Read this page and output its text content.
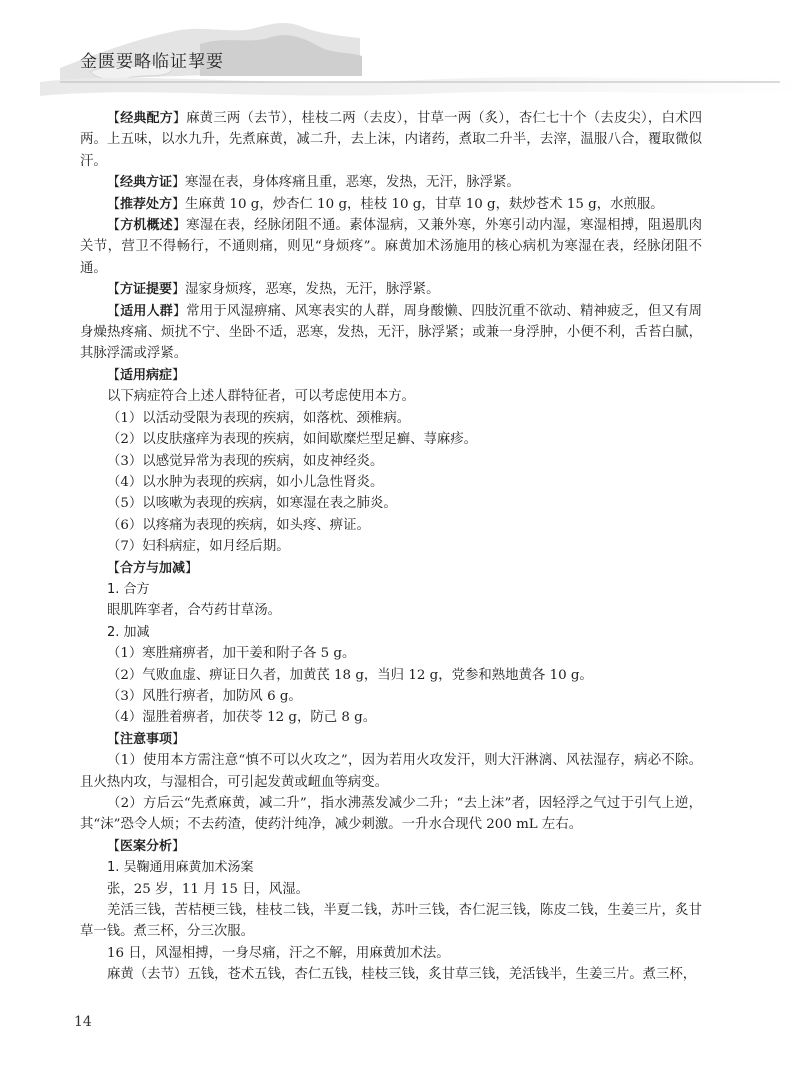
金匮要略临证挈要

【经典配方】麻黄三两（去节），桂枝二两（去皮），甘草一两（炙），杏仁七十个（去皮尖），白术四两。上五味，以水九升，先煮麻黄，减二升，去上沫，内诸药，煮取二升半，去滓，温服八合，覆取微似汗。

【经典方证】寒湿在表，身体疼痛且重，恶寒，发热，无汗，脉浮紧。

【推荐处方】生麻黄 10 g，炒杏仁 10 g，桂枝 10 g，甘草 10 g，麸炒苍术 15 g，水煎服。

【方机概述】寒湿在表，经脉闭阻不通。素体湿病，又兼外寒，外寒引动内湿，寒湿相搏，阻遏肌肉关节，营卫不得畅行，不通则痛，则见“身烦疼”。麻黄加术汤施用的核心病机为寒湿在表，经脉闭阻不通。

【方证提要】湿家身烦疼，恶寒，发热，无汗，脉浮紧。

【适用人群】常用于风湿痹痛、风寒表实的人群，周身酸懒、四肢沉重不欲动、精神疲乏，但又有周身燥热疼痛、烦扰不宁、坐卧不适，恶寒，发热，无汗，脉浮紧；或兼一身浮肿，小便不利，舌苔白腻，其脉浮濡或浮紧。

【适用病症】

以下病症符合上述人群特征者，可以考虑使用本方。

（1）以活动受限为表现的疾病，如落枕、颈椎病。

（2）以皮肤瘙痒为表现的疾病，如间歇糜烂型足癣、荨麻疹。

（3）以感觉异常为表现的疾病，如皮神经炎。

（4）以水肿为表现的疾病，如小儿急性肾炎。

（5）以咳嗽为表现的疾病，如寒湿在表之肺炎。

（6）以疼痛为表现的疾病，如头疼、痹证。

（7）妇科病症，如月经后期。

【合方与加减】

1. 合方

眼肌阵挛者，合芍药甘草汤。

2. 加减

（1）寒胜痛痹者，加干姜和附子各 5 g。

（2）气败血虚、痹证日久者，加黄芪 18 g，当归 12 g，党参和熟地黄各 10 g。

（3）风胜行痹者，加防风 6 g。

（4）湿胜着痹者，加茯苓 12 g，防己 8 g。

【注意事项】

（1）使用本方需注意“慎不可以火攻之”，因为若用火攻发汗，则大汗淋漓、风祛湿存，病必不除。且火热内攻，与湿相合，可引起发黄或衄血等病变。

（2）方后云“先煮麻黄，减二升”，指水沸蒸发减少二升；“去上沫”者，因轻浮之气过于引气上逆，其“沫”恐令人烦；不去药渣，使药汁纯净，减少刺激。一升水合现代 200 mL 左右。

【医案分析】

1. 吴鞠通用麻黄加术汤案

张，25 岁，11 月 15 日，风湿。

羌活三钱，苦桔梗三钱，桂枝二钱，半夏二钱，苏叶三钱，杏仁泥三钱，陈皮二钱，生姜三片，炙甘草一钱。煮三杯，分三次服。

16 日，风湿相搏，一身尽痛，汗之不解，用麻黄加术法。

麻黄（去节）五钱，苍术五钱，杏仁五钱，桂枝三钱，炙甘草三钱，羌活钱半，生姜三片。煮三杯，

14
